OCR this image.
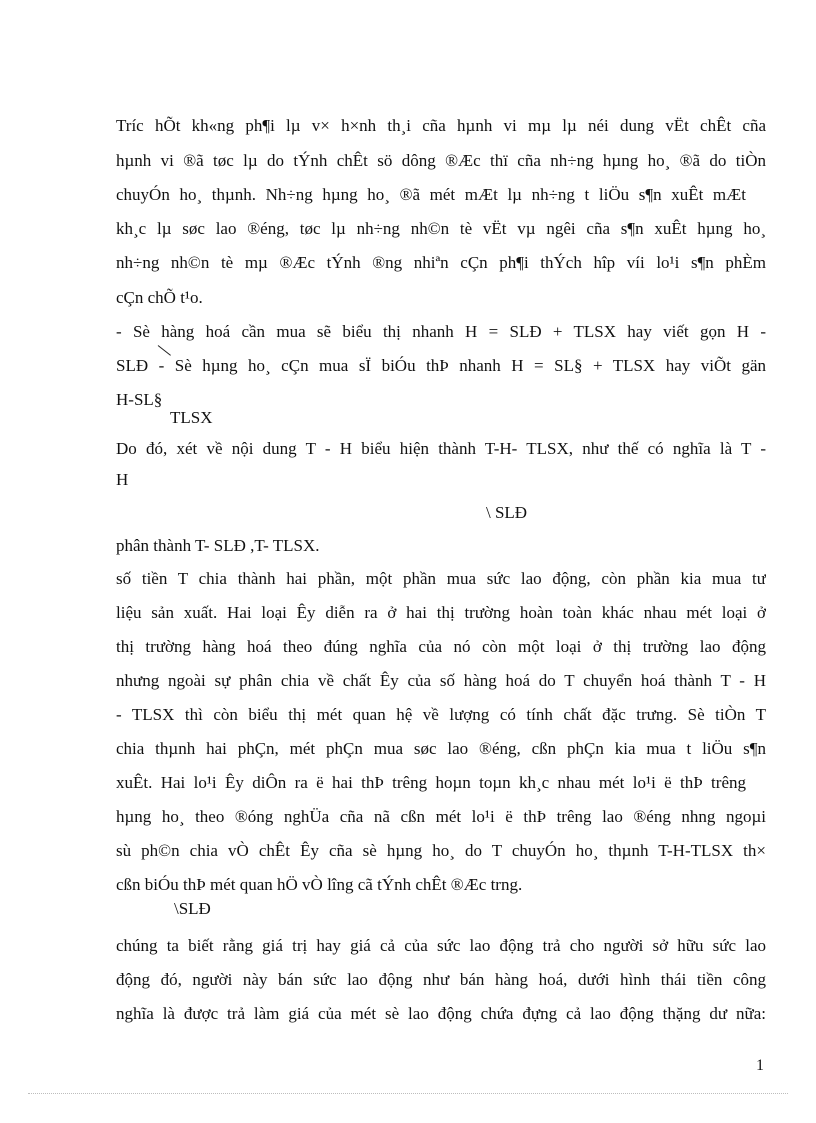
Tríc hÕt kh«ng ph¶i lµ v× h×nh th¸i cña hµnh vi mµ lµ néi dung vËt chÊt cña
hµnh vi ®ã tøc lµ do tÝnh chÊt sö dông ®Æc thï cña nh÷ng hµng ho¸ ®ã do tiÒn
chuyÓn ho¸ thµnh. Nh÷ng hµng ho¸ ®ã mét mÆt lµ nh÷ng t liÖu s¶n xuÊt mÆt
kh¸c lµ søc lao ®éng, tøc lµ nh÷ng nh©n tè vËt vµ ngêi cña s¶n xuÊt hµng ho¸
nh÷ng nh©n tè mµ ®Æc tÝnh ®ng nhiªn cÇn ph¶i thÝch hîp víi lo¹i s¶n phÈm
cÇn chÕ t¹o.
- Sè hàng hoá cần mua sẽ biểu thị nhanh H = SLĐ + TLSX hay viết gọn H -
SLĐ - Sè hµng ho¸ cÇn mua sÏ biÓu thÞ nhanh H = SL§ + TLSX hay viÕt gän
H-SL§
TLSX
Do đó, xét về nội dung T - H biểu hiện thành T-H- TLSX, như thế có nghĩa là T -
H
\ SLĐ
phân thành T- SLĐ ,T- TLSX.
số tiền T chia thành hai phần, một phần mua sức lao động, còn phần kia mua tư
liệu sản xuất. Hai loại Êy diễn ra ở hai thị trường hoàn toàn khác nhau mét loại ở
thị trường hàng hoá theo đúng nghĩa của nó còn một loại ở thị trường lao động
nhưng ngoài sự phân chia về chất Êy của số hàng hoá do T chuyển hoá thành T - H
- TLSX thì còn biểu thị mét quan hệ về lượng có tính chất đặc trưng. Sè tiÒn T
chia thµnh hai phÇn, mét phÇn mua søc lao ®éng, cßn phÇn kia mua t liÖu s¶n
xuÊt. Hai lo¹i Êy diÔn ra ë hai thÞ trêng hoµn toµn kh¸c nhau mét lo¹i ë thÞ trêng
hµng ho¸ theo ®óng nghÜa cña nã cßn mét lo¹i ë thÞ trêng lao ®éng nhng ngoµi
sù ph©n chia vÒ chÊt Êy cña sè hµng ho¸ do T chuyÓn ho¸ thµnh T-H-TLSX th×
cßn biÓu thÞ mét quan hÖ vÒ lîng cã tÝnh chÊt ®Æc trng.
\SLĐ
chúng ta biết rằng giá trị hay giá cả của sức lao động trả cho người sở hữu sức lao
động đó, người này bán sức lao động như bán hàng hoá, dưới hình thái tiền công
nghĩa là được trả làm giá của mét sè lao động chứa đựng cả lao động thặng dư nữa:
1
